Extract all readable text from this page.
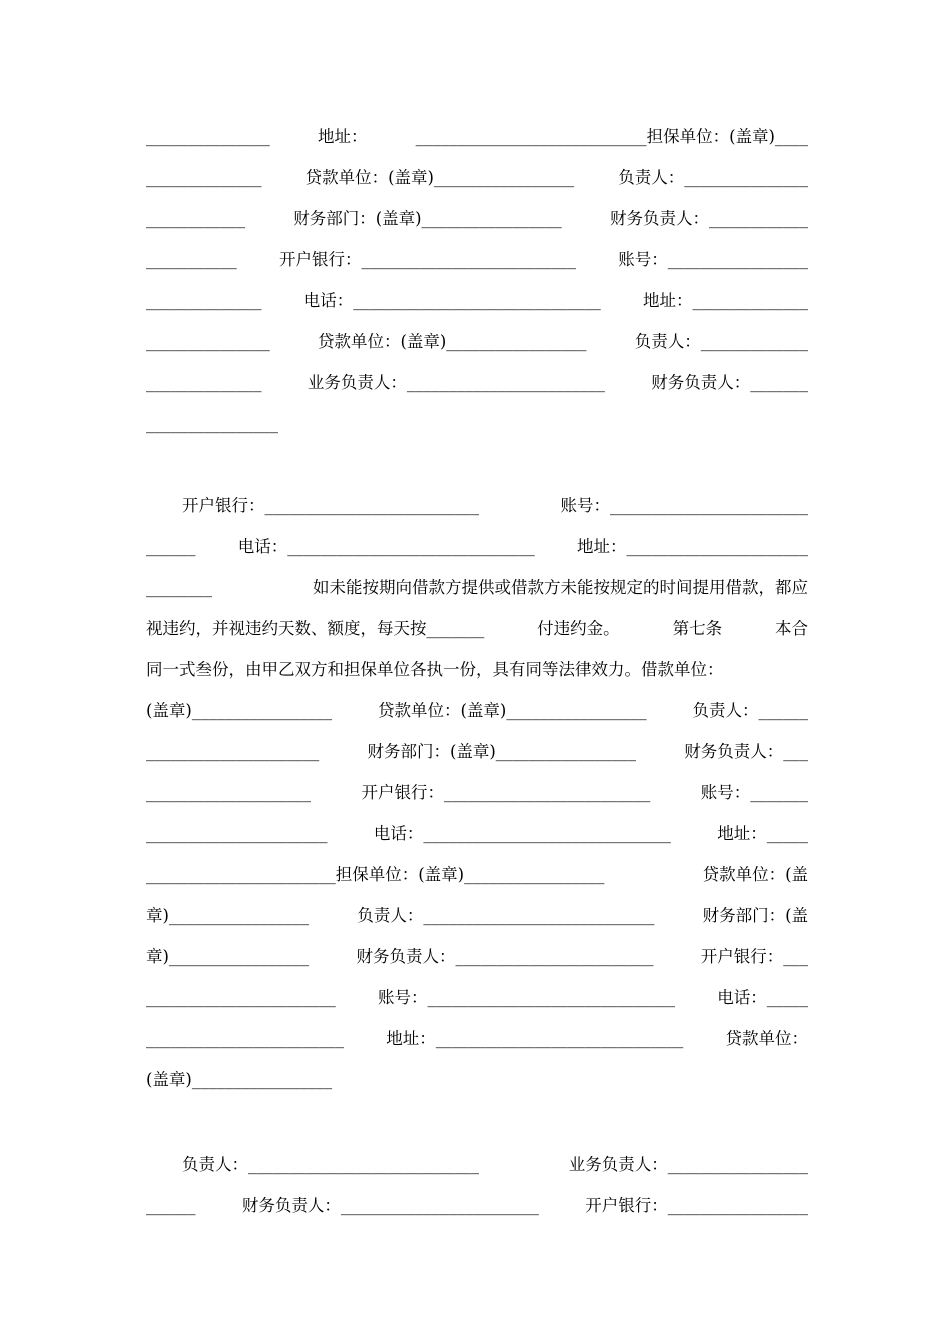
_______________	地址：	____________________________担保单位：(盖章)____
______________	贷款单位：(盖章)_________________	负责人：_______________
____________	财务部门：(盖章)_________________	财务负责人：____________
___________	开户银行：__________________________	账号：_________________
______________	电话：______________________________	地址：______________
_______________	贷款单位：(盖章)_________________	负责人：_____________
______________	业务负责人：________________________	财务负责人：_______
________________
开户银行：__________________________	账号：________________________
______	电话：______________________________	地址：______________________
________	如未能按期向借款方提供或借款方未能按规定的时间提用借款，都应
视违约，并视违约天数、额度，每天按_______	付违约金。	第七条	本合
同一式叁份，由甲乙双方和担保单位各执一份，具有同等法律效力。借款单位：
(盖章)_________________	贷款单位：(盖章)_________________	负责人：______
_____________________	财务部门：(盖章)_________________	财务负责人：___
____________________	开户银行：_________________________	账号：_______
______________________	电话：______________________________	地址：_____
_______________________担保单位：(盖章)_________________	贷款单位：(盖
章)_________________	负责人：____________________________	财务部门：(盖
章)_________________	财务负责人：________________________	开户银行：___
_______________________	账号：______________________________	电话：_____
________________________	地址：______________________________	贷款单位：
(盖章)_________________
负责人：____________________________	业务负责人：_________________
______	财务负责人：________________________	开户银行：_________________
